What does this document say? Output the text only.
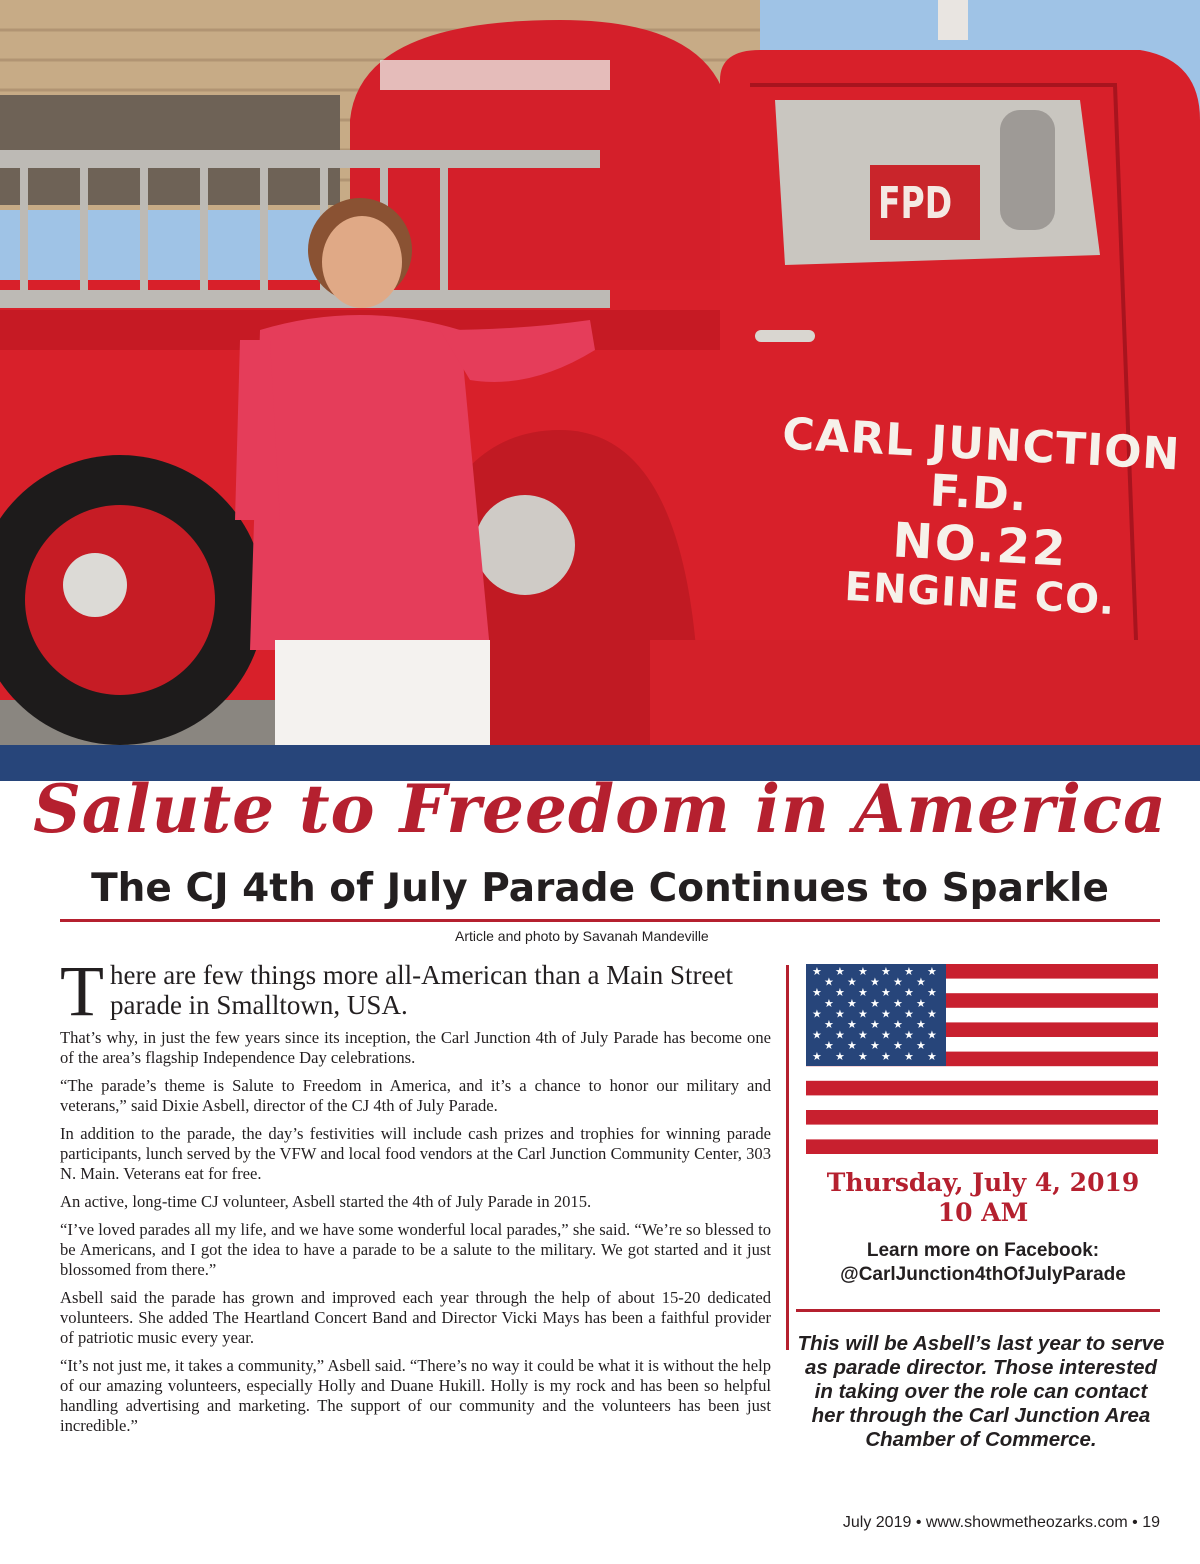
FPD
CARL JUNCTION F.D.
NO.22
ENGINE CO.
Salute to Freedom in America
The CJ 4th of July Parade Continues to Sparkle
Article and photo by Savanah Mandeville

There are few things more all-American than a Main Street parade in Smalltown, USA.

That’s why, in just the few years since its inception, the Carl Junction 4th of July Parade has become one of the area’s flagship Independence Day celebrations.

“The parade’s theme is Salute to Freedom in America, and it’s a chance to honor our military and veterans,” said Dixie Asbell, director of the CJ 4th of July Parade.

In addition to the parade, the day’s festivities will include cash prizes and trophies for winning parade participants, lunch served by the VFW and local food vendors at the Carl Junction Community Center, 303 N. Main. Veterans eat for free.

An active, long-time CJ volunteer, Asbell started the 4th of July Parade in 2015.

“I’ve loved parades all my life, and we have some wonderful local parades,” she said. “We’re so blessed to be Americans, and I got the idea to have a parade to be a salute to the military. We got started and it just blossomed from there.”

Asbell said the parade has grown and improved each year through the help of about 15-20 dedicated volunteers. She added The Heartland Concert Band and Director Vicki Mays has been a faithful provider of patriotic music every year.

“It’s not just me, it takes a community,” Asbell said. “There’s no way it could be what it is without the help of our amazing volunteers, especially Holly and Duane Hukill. Holly is my rock and has been so helpful handling advertising and marketing. The support of our community and the volunteers has been just incredible.”

★ ★ ★ ★ ★ ★
★ ★ ★ ★ ★
★ ★ ★ ★ ★ ★
★ ★ ★ ★ ★
★ ★ ★ ★ ★ ★
★ ★ ★ ★ ★
★ ★ ★ ★ ★ ★
★ ★ ★ ★ ★
★ ★ ★ ★ ★ ★
Thursday, July 4, 2019
10 AM
Learn more on Facebook:
@CarlJunction4thOfJulyParade
This will be Asbell’s last year to serve as parade director. Those interested in taking over the role can contact her through the Carl Junction Area Chamber of Commerce.
July 2019 • www.showmetheozarks.com • 19
